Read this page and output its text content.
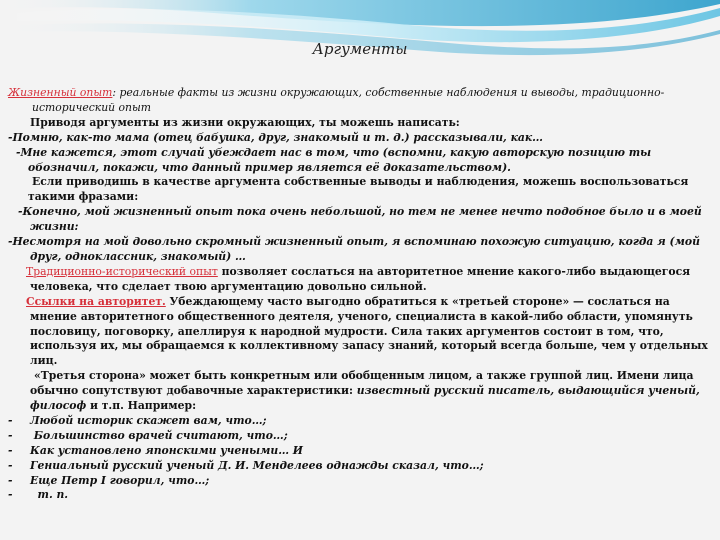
Аргументы

Жизненный опыт: реальные факты из жизни окружающих, собственные наблюдения и выводы, традиционно- исторический опыт

Приводя аргументы из жизни окружающих, ты можешь написать:

-Помню, как-то мама (отец бабушка, друг, знакомый и т. д.) рассказывали, как…

-Мне кажется, этот случай убеждает нас в том, что (вспомни, какую авторскую позицию ты обозначил, покажи, что данный пример является её доказательством).

Если приводишь в качестве аргумента собственные выводы и наблюдения, можешь воспользоваться такими фразами:

-Конечно, мой жизненный опыт пока очень небольшой, но тем не менее нечто подобное было и в моей жизни:

-Несмотря на мой довольно скромный жизненный опыт, я вспоминаю похожую ситуацию, когда я (мой друг, одноклассник, знакомый) …

Традиционно-исторический опыт позволяет сослаться на авторитетное мнение какого-либо выдающегося человека, что сделает твою аргументацию довольно сильной.

Ссылки на авторитет. Убеждающему часто выгодно обратиться к «третьей стороне» — сослаться на мнение авторитетного общественного деятеля, ученого, специалиста в какой-либо области, упомянуть пословицу, поговорку, апеллируя к народной мудрости. Сила таких аргументов состоит в том, что, используя их, мы обращаемся к коллективному запасу знаний, который всегда больше, чем у отдельных лиц.

«Третья сторона» может быть конкретным или обобщенным лицом, а также группой лиц. Имени лица обычно сопутствуют добавочные характеристики: известный русский писатель, выдающийся ученый, философ и т.п. Например:

- Любой историк скажет вам, что…;
- Большинство врачей считают, что…;
- Как установлено японскими учеными… И
- Гениальный русский ученый Д. И. Менделеев однажды сказал, что…;
- Еще Петр I говорил, что…;
- т. п.
